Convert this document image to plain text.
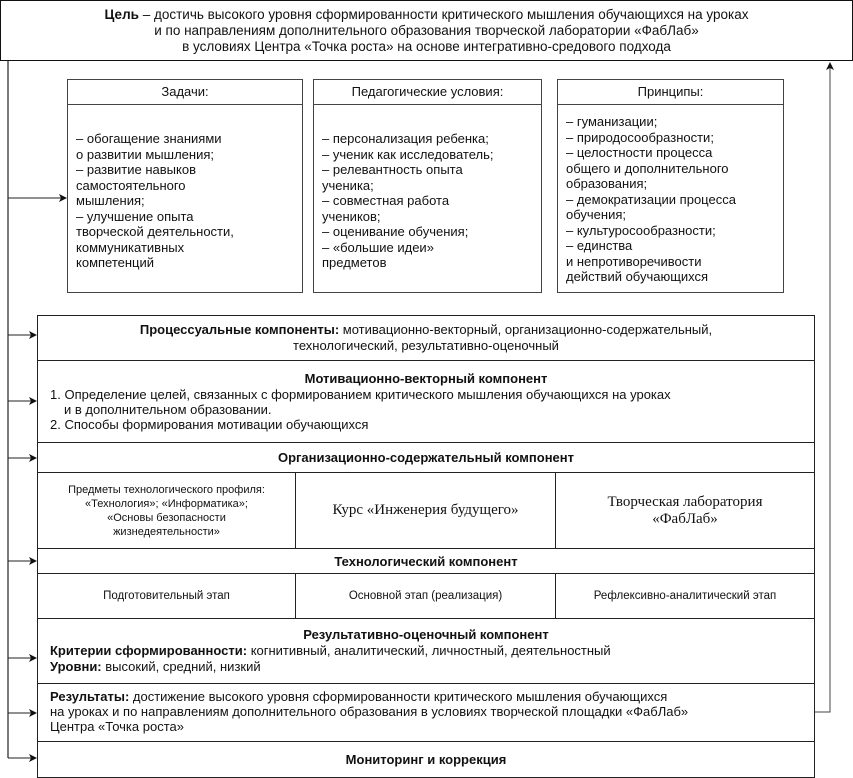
Цель – достичь высокого уровня сформированности критического мышления обучающихся на уроках
и по направлениям дополнительного образования творческой лаборатории «ФабЛаб»
в условиях Центра «Точка роста» на основе интегративно-средового подхода
Задачи:
– обогащение знаниями
о развитии мышления;
– развитие навыков
самостоятельного
мышления;
– улучшение опыта
творческой деятельности,
коммуникативных
компетенций
Педагогические условия:
– персонализация ребенка;
– ученик как исследователь;
– релевантность опыта
ученика;
– совместная работа
учеников;
– оценивание обучения;
– «большие идеи»
предметов
Принципы:
– гуманизации;
– природосообразности;
– целостности процесса
общего и дополнительного
образования;
– демократизации процесса
обучения;
– культуросообразности;
– единства
и непротиворечивости
действий обучающихся
Процессуальные компоненты: мотивационно-векторный, организационно-содержательный,
технологический, результативно-оценочный
Мотивационно-векторный компонент
1. Определение целей, связанных с формированием критического мышления обучающихся на уроках
и в дополнительном образовании.
2. Способы формирования мотивации обучающихся
Организационно-содержательный компонент
Предметы технологического профиля:
«Технология»; «Информатика»;
«Основы безопасности
жизнедеятельности»
Курс «Инженерия будущего»
Творческая лаборатория
«ФабЛаб»
Технологический компонент
Подготовительный этап	Основной этап (реализация)	Рефлексивно-аналитический этап
Результативно-оценочный компонент
Критерии сформированности: когнитивный, аналитический, личностный, деятельностный
Уровни: высокий, средний, низкий
Результаты: достижение высокого уровня сформированности критического мышления обучающихся
на уроках и по направлениям дополнительного образования в условиях творческой площадки «ФабЛаб»
Центра «Точка роста»
Мониторинг и коррекция
